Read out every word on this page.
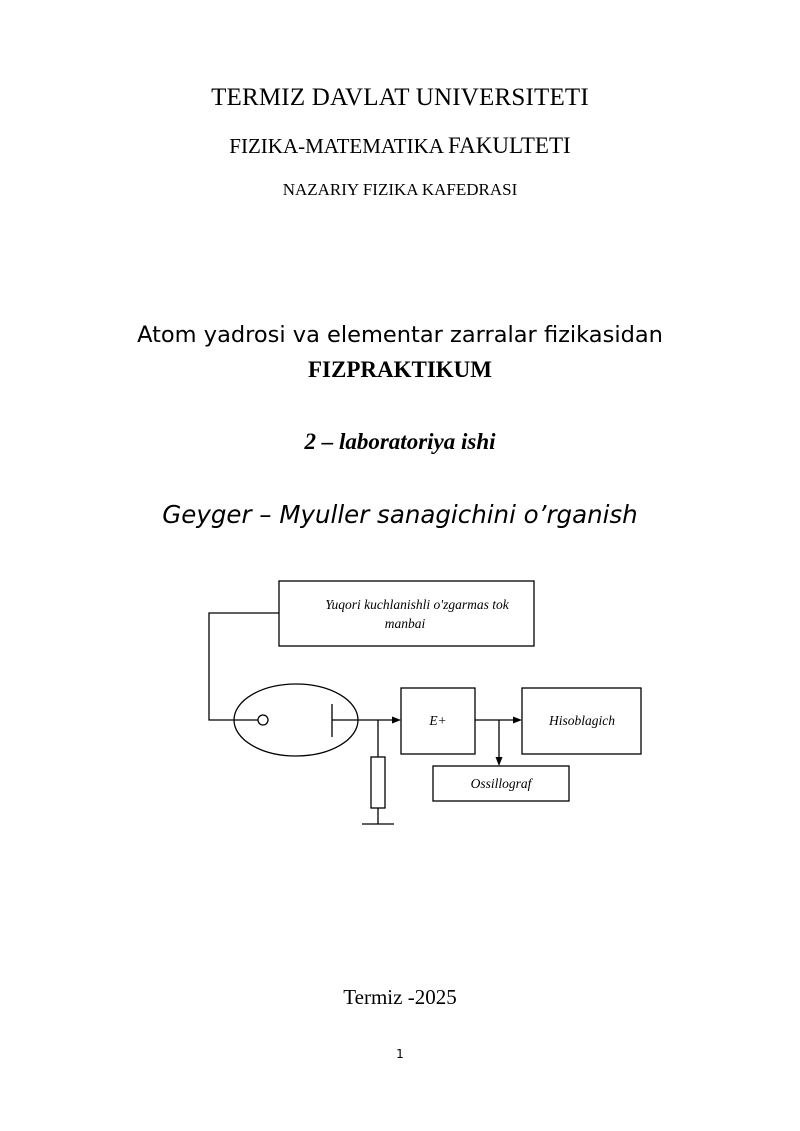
TERMIZ DAVLAT UNIVERSITETI
FIZIKA-MATEMATIKA FAKULTETI
NAZARIY FIZIKA KAFEDRASI
Atom yadrosi va elementar zarralar fizikasidan
FIZPRAKTIKUM
2 – laboratoriya ishi
Geyger – Myuller sanagichini o’rganish
Yuqori kuchlanishli o'zgarmas tok
manbai
E+	Hisoblagich
Ossillograf
Termiz -2025
1
